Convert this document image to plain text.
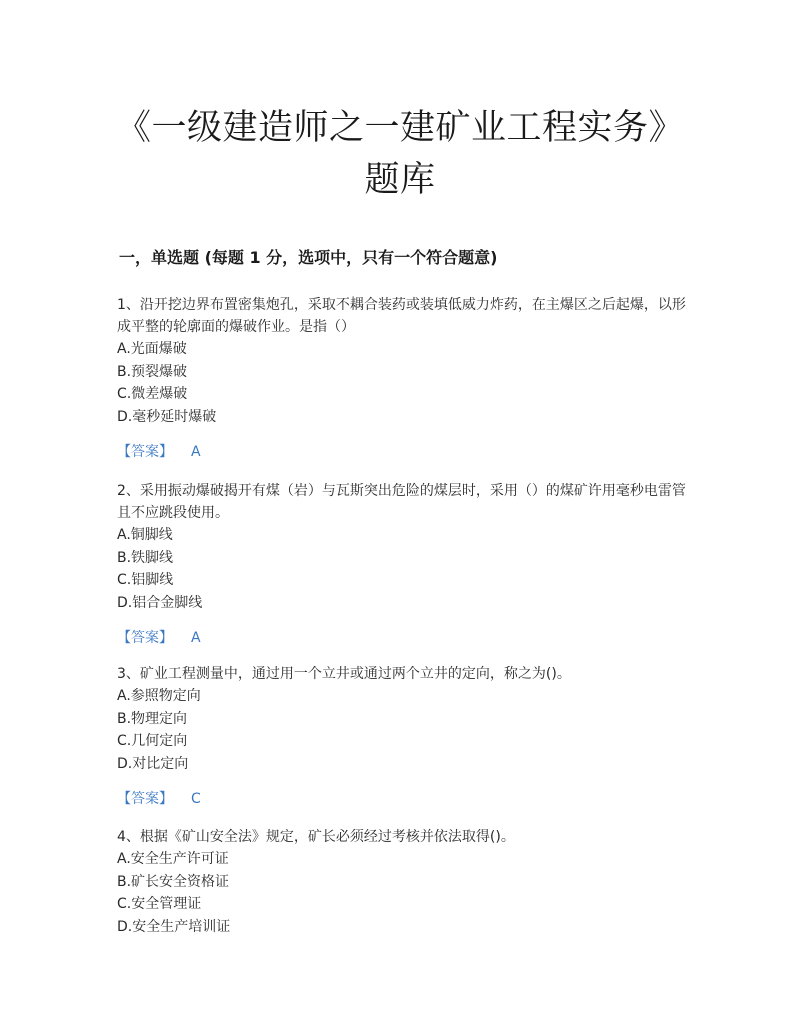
《一级建造师之一建矿业工程实务》
题库
一，单选题 (每题 1 分，选项中，只有一个符合题意)

1、沿开挖边界布置密集炮孔，采取不耦合装药或装填低威力炸药，在主爆区之后起爆，以形成平整的轮廓面的爆破作业。是指（）

A.光面爆破

B.预裂爆破

C.微差爆破

D.毫秒延时爆破

【答案】 A

2、采用振动爆破揭开有煤（岩）与瓦斯突出危险的煤层时，采用（）的煤矿许用毫秒电雷管且不应跳段使用。

A.铜脚线

B.铁脚线

C.铝脚线

D.铝合金脚线

【答案】 A

3、矿业工程测量中，通过用一个立井或通过两个立井的定向，称之为()。

A.参照物定向

B.物理定向

C.几何定向

D.对比定向

【答案】 C

4、根据《矿山安全法》规定，矿长必须经过考核并依法取得()。

A.安全生产许可证

B.矿长安全资格证

C.安全管理证

D.安全生产培训证
